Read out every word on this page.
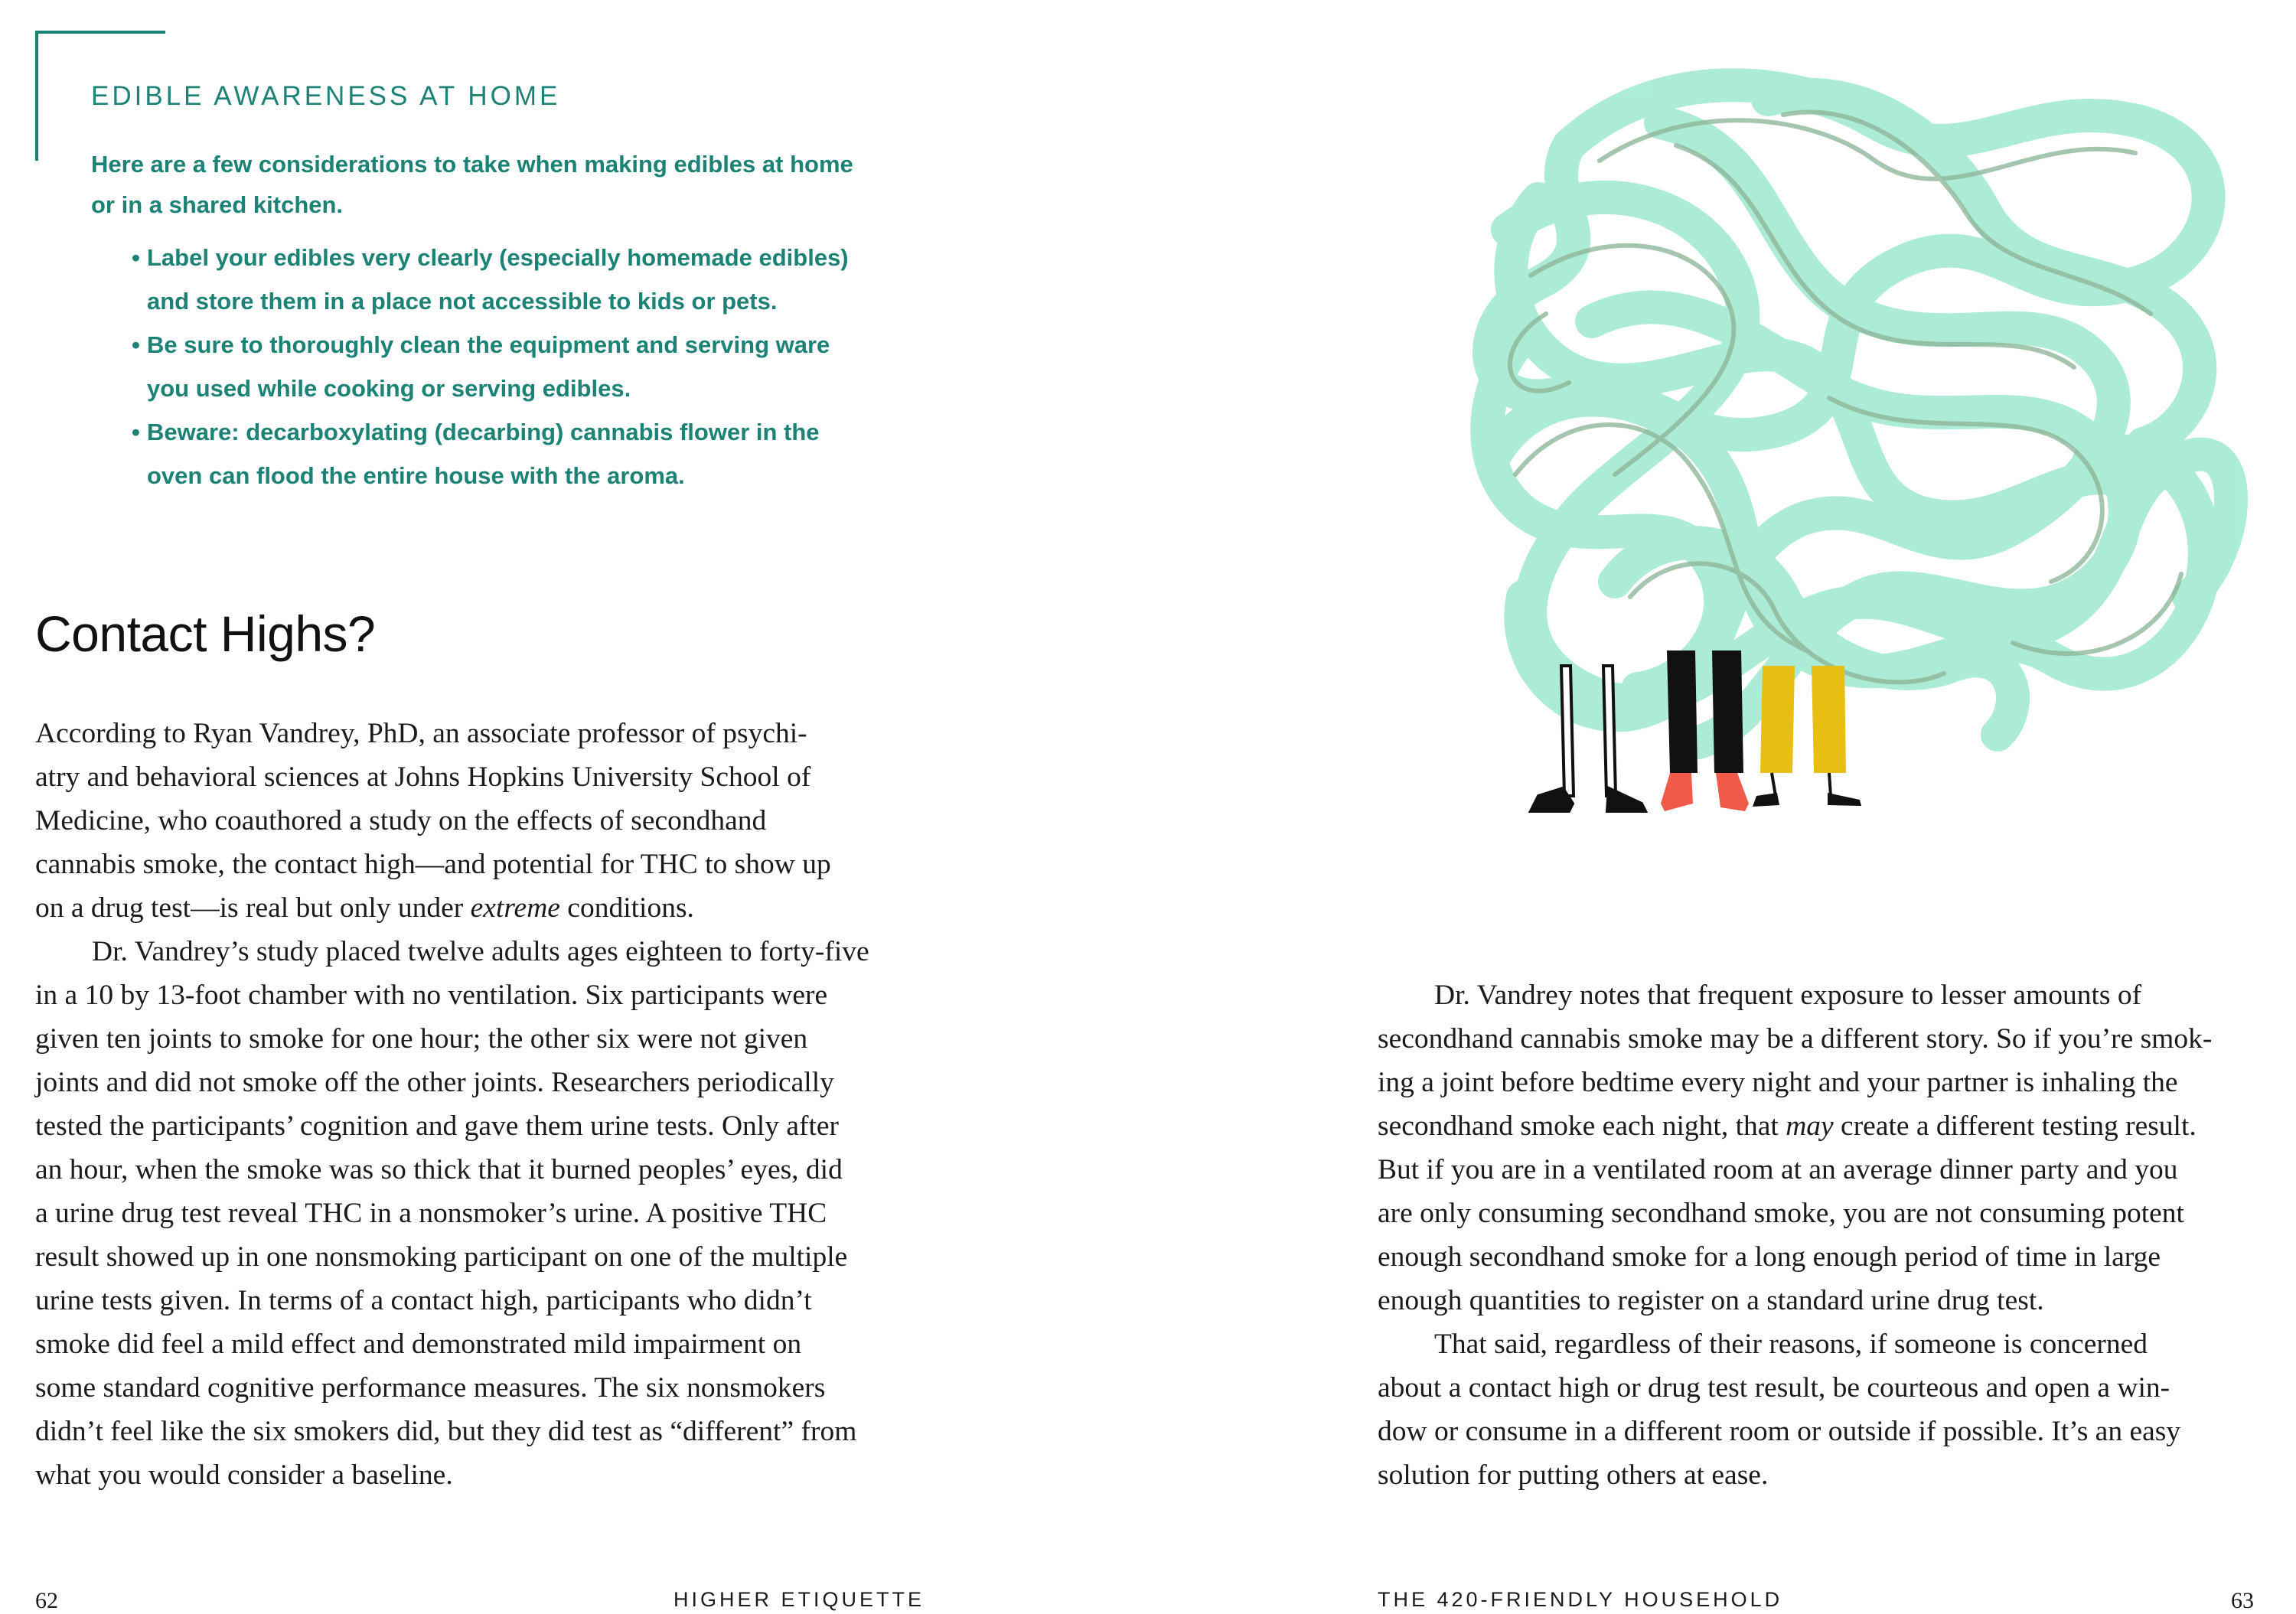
EDIBLE AWARENESS AT HOME

Here are a few considerations to take when making edibles at home
or in a shared kitchen.

• Label your edibles very clearly (especially homemade edibles)
and store them in a place not accessible to kids or pets.
• Be sure to thoroughly clean the equipment and serving ware
you used while cooking or serving edibles.
• Beware: decarboxylating (decarbing) cannabis flower in the
oven can flood the entire house with the aroma.
Contact Highs?

According to Ryan Vandrey, PhD, an associate professor of psychi-
atry and behavioral sciences at Johns Hopkins University School of
Medicine, who coauthored a study on the effects of secondhand
cannabis smoke, the contact high—and potential for THC to show up
on a drug test—is real but only under extreme conditions.

Dr. Vandrey’s study placed twelve adults ages eighteen to forty-five
in a 10 by 13-foot chamber with no ventilation. Six participants were
given ten joints to smoke for one hour; the other six were not given
joints and did not smoke off the other joints. Researchers periodically
tested the participants’ cognition and gave them urine tests. Only after
an hour, when the smoke was so thick that it burned peoples’ eyes, did
a urine drug test reveal THC in a nonsmoker’s urine. A positive THC
result showed up in one nonsmoking participant on one of the multiple
urine tests given. In terms of a contact high, participants who didn’t
smoke did feel a mild effect and demonstrated mild impairment on
some standard cognitive performance measures. The six nonsmokers
didn’t feel like the six smokers did, but they did test as “different” from
what you would consider a baseline.

62	HIGHER ETIQUETTE

Dr. Vandrey notes that frequent exposure to lesser amounts of
secondhand cannabis smoke may be a different story. So if you’re smok-
ing a joint before bedtime every night and your partner is inhaling the
secondhand smoke each night, that may create a different testing result.
But if you are in a ventilated room at an average dinner party and you
are only consuming secondhand smoke, you are not consuming potent
enough secondhand smoke for a long enough period of time in large
enough quantities to register on a standard urine drug test.

That said, regardless of their reasons, if someone is concerned
about a contact high or drug test result, be courteous and open a win-
dow or consume in a different room or outside if possible. It’s an easy
solution for putting others at ease.

THE 420-FRIENDLY HOUSEHOLD	63
